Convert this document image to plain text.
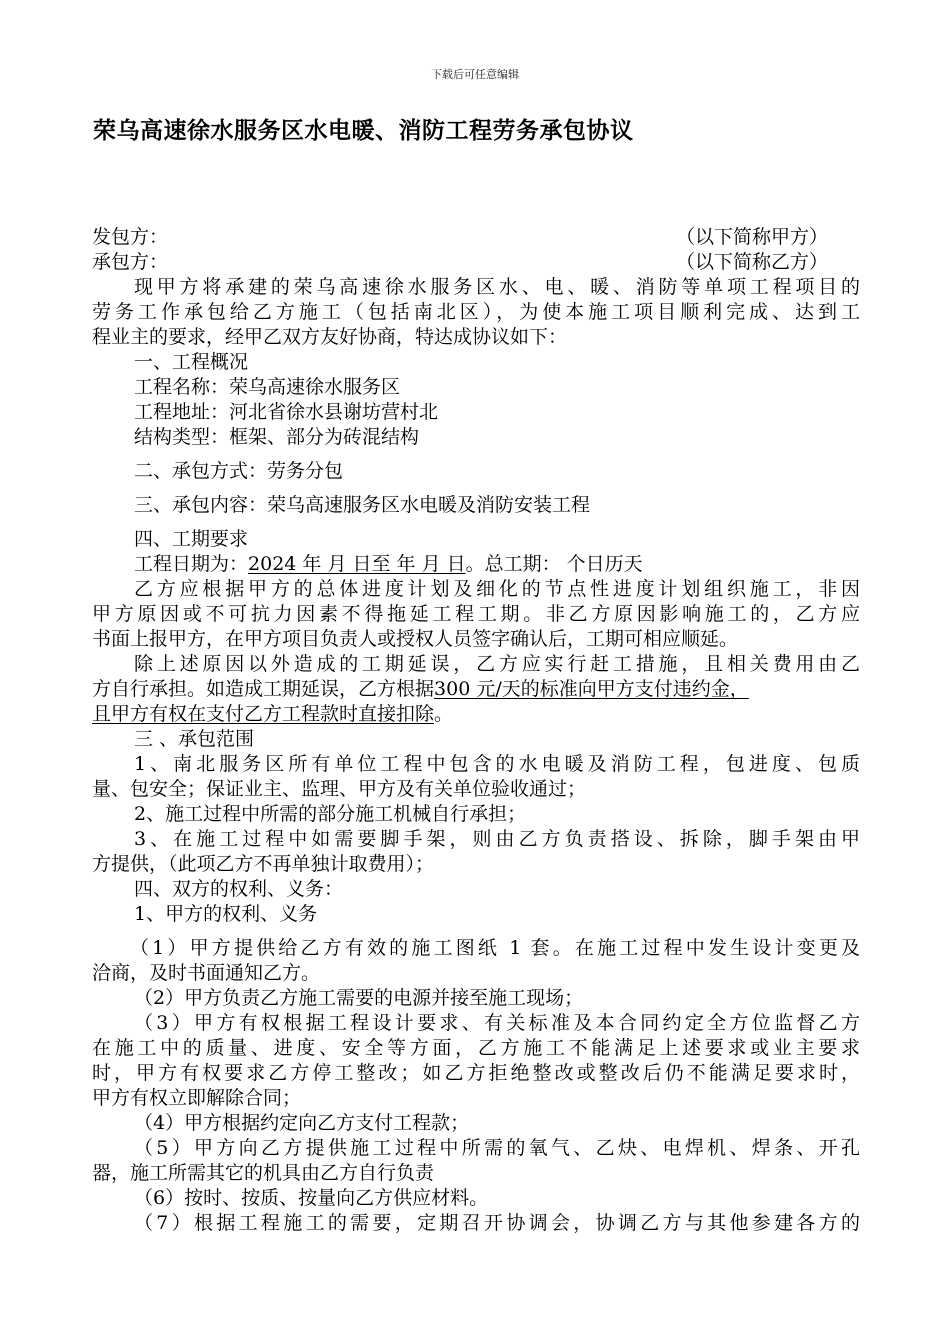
下载后可任意编辑
荣乌高速徐水服务区水电暖、消防工程劳务承包协议
发包方：	（以下简称甲方）
承包方：	（以下简称乙方）
现甲方将承建的荣乌高速徐水服务区水、电、暖、消防等单项工程项目的
劳务工作承包给乙方施工（包括南北区），为使本施工项目顺利完成、达到工
程业主的要求，经甲乙双方友好协商，特达成协议如下：
一、工程概况
工程名称：荣乌高速徐水服务区
工程地址：河北省徐水县谢坊营村北
结构类型：框架、部分为砖混结构
二、承包方式：劳务分包
三、承包内容：荣乌高速服务区水电暖及消防安装工程
四、工期要求
工程日期为：2024 年 月 日至 年 月 日。总工期： 个日历天
乙方应根据甲方的总体进度计划及细化的节点性进度计划组织施工，非因
甲方原因或不可抗力因素不得拖延工程工期。非乙方原因影响施工的，乙方应
书面上报甲方，在甲方项目负责人或授权人员签字确认后，工期可相应顺延。
除上述原因以外造成的工期延误，乙方应实行赶工措施，且相关费用由乙
方自行承担。如造成工期延误，乙方根据300 元/天的标准向甲方支付违约金，
且甲方有权在支付乙方工程款时直接扣除。
三 、承包范围
1、南北服务区所有单位工程中包含的水电暖及消防工程，包进度、包质
量、包安全；保证业主、监理、甲方及有关单位验收通过；
2、施工过程中所需的部分施工机械自行承担；
3、在施工过程中如需要脚手架，则由乙方负责搭设、拆除，脚手架由甲
方提供，（此项乙方不再单独计取费用）；
四、双方的权利、义务：
1、甲方的权利、义务
（1）甲方提供给乙方有效的施工图纸 1 套。在施工过程中发生设计变更及
洽商，及时书面通知乙方。
（2）甲方负责乙方施工需要的电源并接至施工现场；
（3）甲方有权根据工程设计要求、有关标准及本合同约定全方位监督乙方
在施工中的质量、进度、安全等方面，乙方施工不能满足上述要求或业主要求
时，甲方有权要求乙方停工整改；如乙方拒绝整改或整改后仍不能满足要求时，
甲方有权立即解除合同；
（4）甲方根据约定向乙方支付工程款；
（5）甲方向乙方提供施工过程中所需的氧气、乙炔、电焊机、焊条、开孔
器，施工所需其它的机具由乙方自行负责
（6）按时、按质、按量向乙方供应材料。
（7）根据工程施工的需要，定期召开协调会，协调乙方与其他参建各方的
